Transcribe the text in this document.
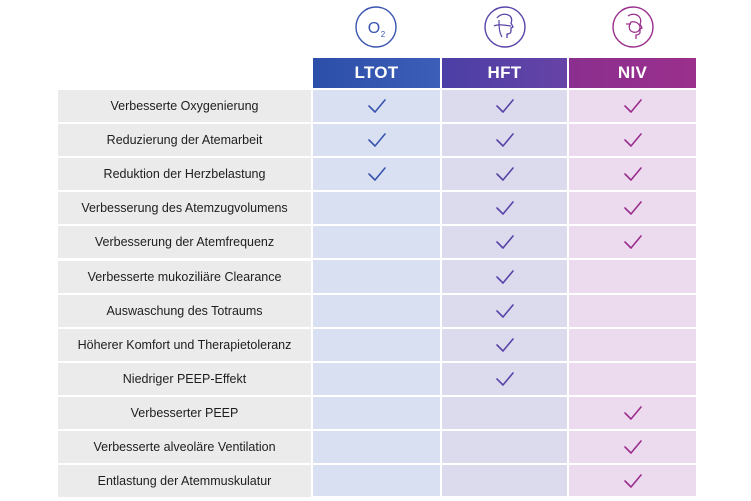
O 2
LTOT	HFT	NIV
Verbesserte Oxygenierung
Reduzierung der Atemarbeit
Reduktion der Herzbelastung
Verbesserung des Atemzugvolumens
Verbesserung der Atemfrequenz
Verbesserte mukoziliäre Clearance
Auswaschung des Totraums
Höherer Komfort und Therapietoleranz
Niedriger PEEP-Effekt
Verbesserter PEEP
Verbesserte alveoläre Ventilation
Entlastung der Atemmuskulatur
